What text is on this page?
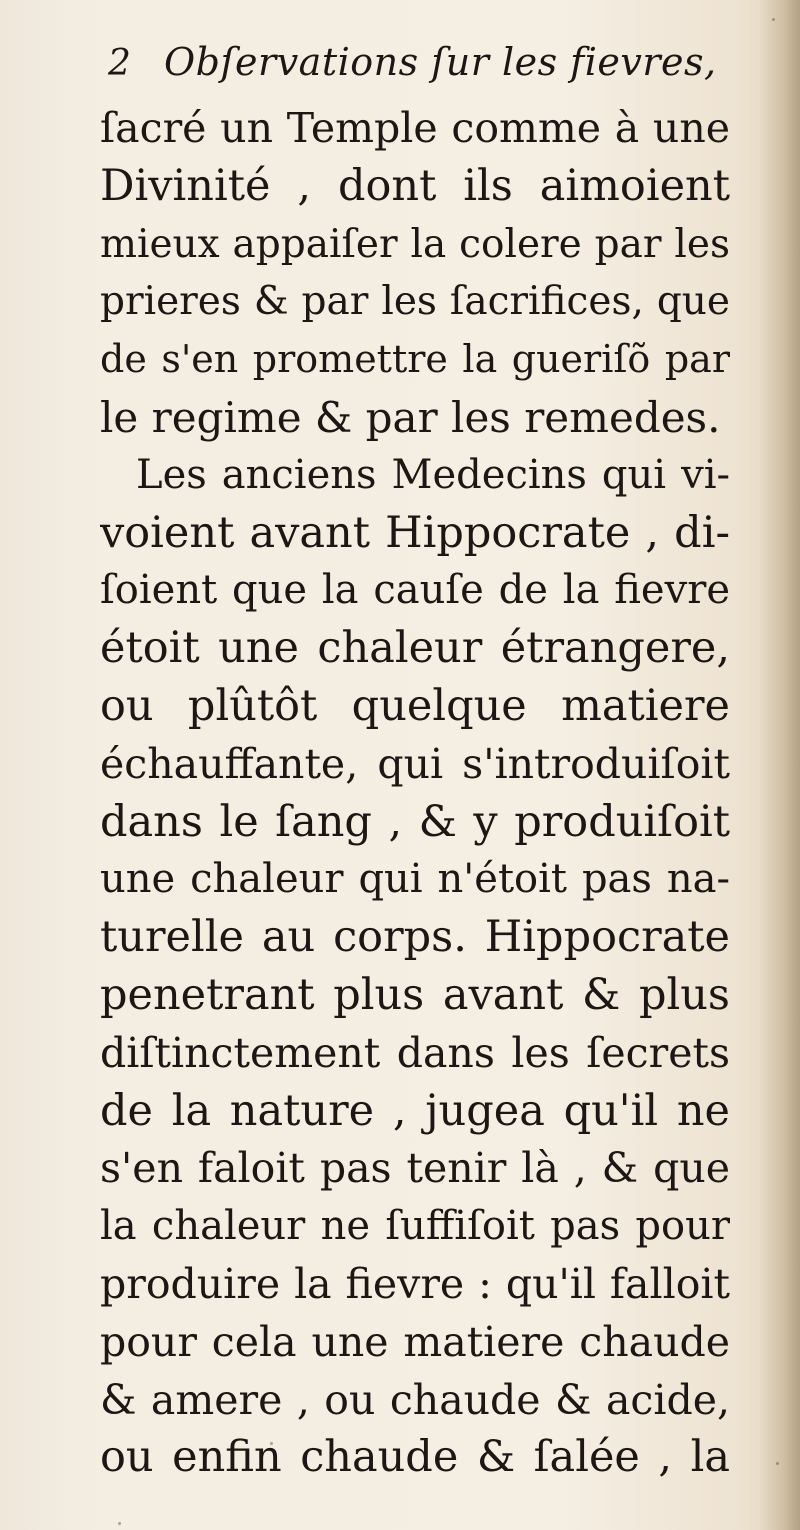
2 Obſervations ſur les fievres,
ſacré un Temple comme à une
Divinité , dont ils aimoient
mieux appaiſer la colere par les
prieres & par les ſacrifices, que
de s'en promettre la gueriſõ par
le regime & par les remedes.
Les anciens Medecins qui vi-
voient avant Hippocrate , di-
ſoient que la cauſe de la fievre
étoit une chaleur étrangere,
ou plûtôt quelque matiere
échauffante, qui s'introduiſoit
dans le ſang , & y produiſoit
une chaleur qui n'étoit pas na-
turelle au corps. Hippocrate
penetrant plus avant & plus
diſtinctement dans les ſecrets
de la nature , jugea qu'il ne
s'en faloit pas tenir là , & que
la chaleur ne ſuffiſoit pas pour
produire la fievre : qu'il falloit
pour cela une matiere chaude
& amere , ou chaude & acide,
ou enfin chaude & ſalée , la
